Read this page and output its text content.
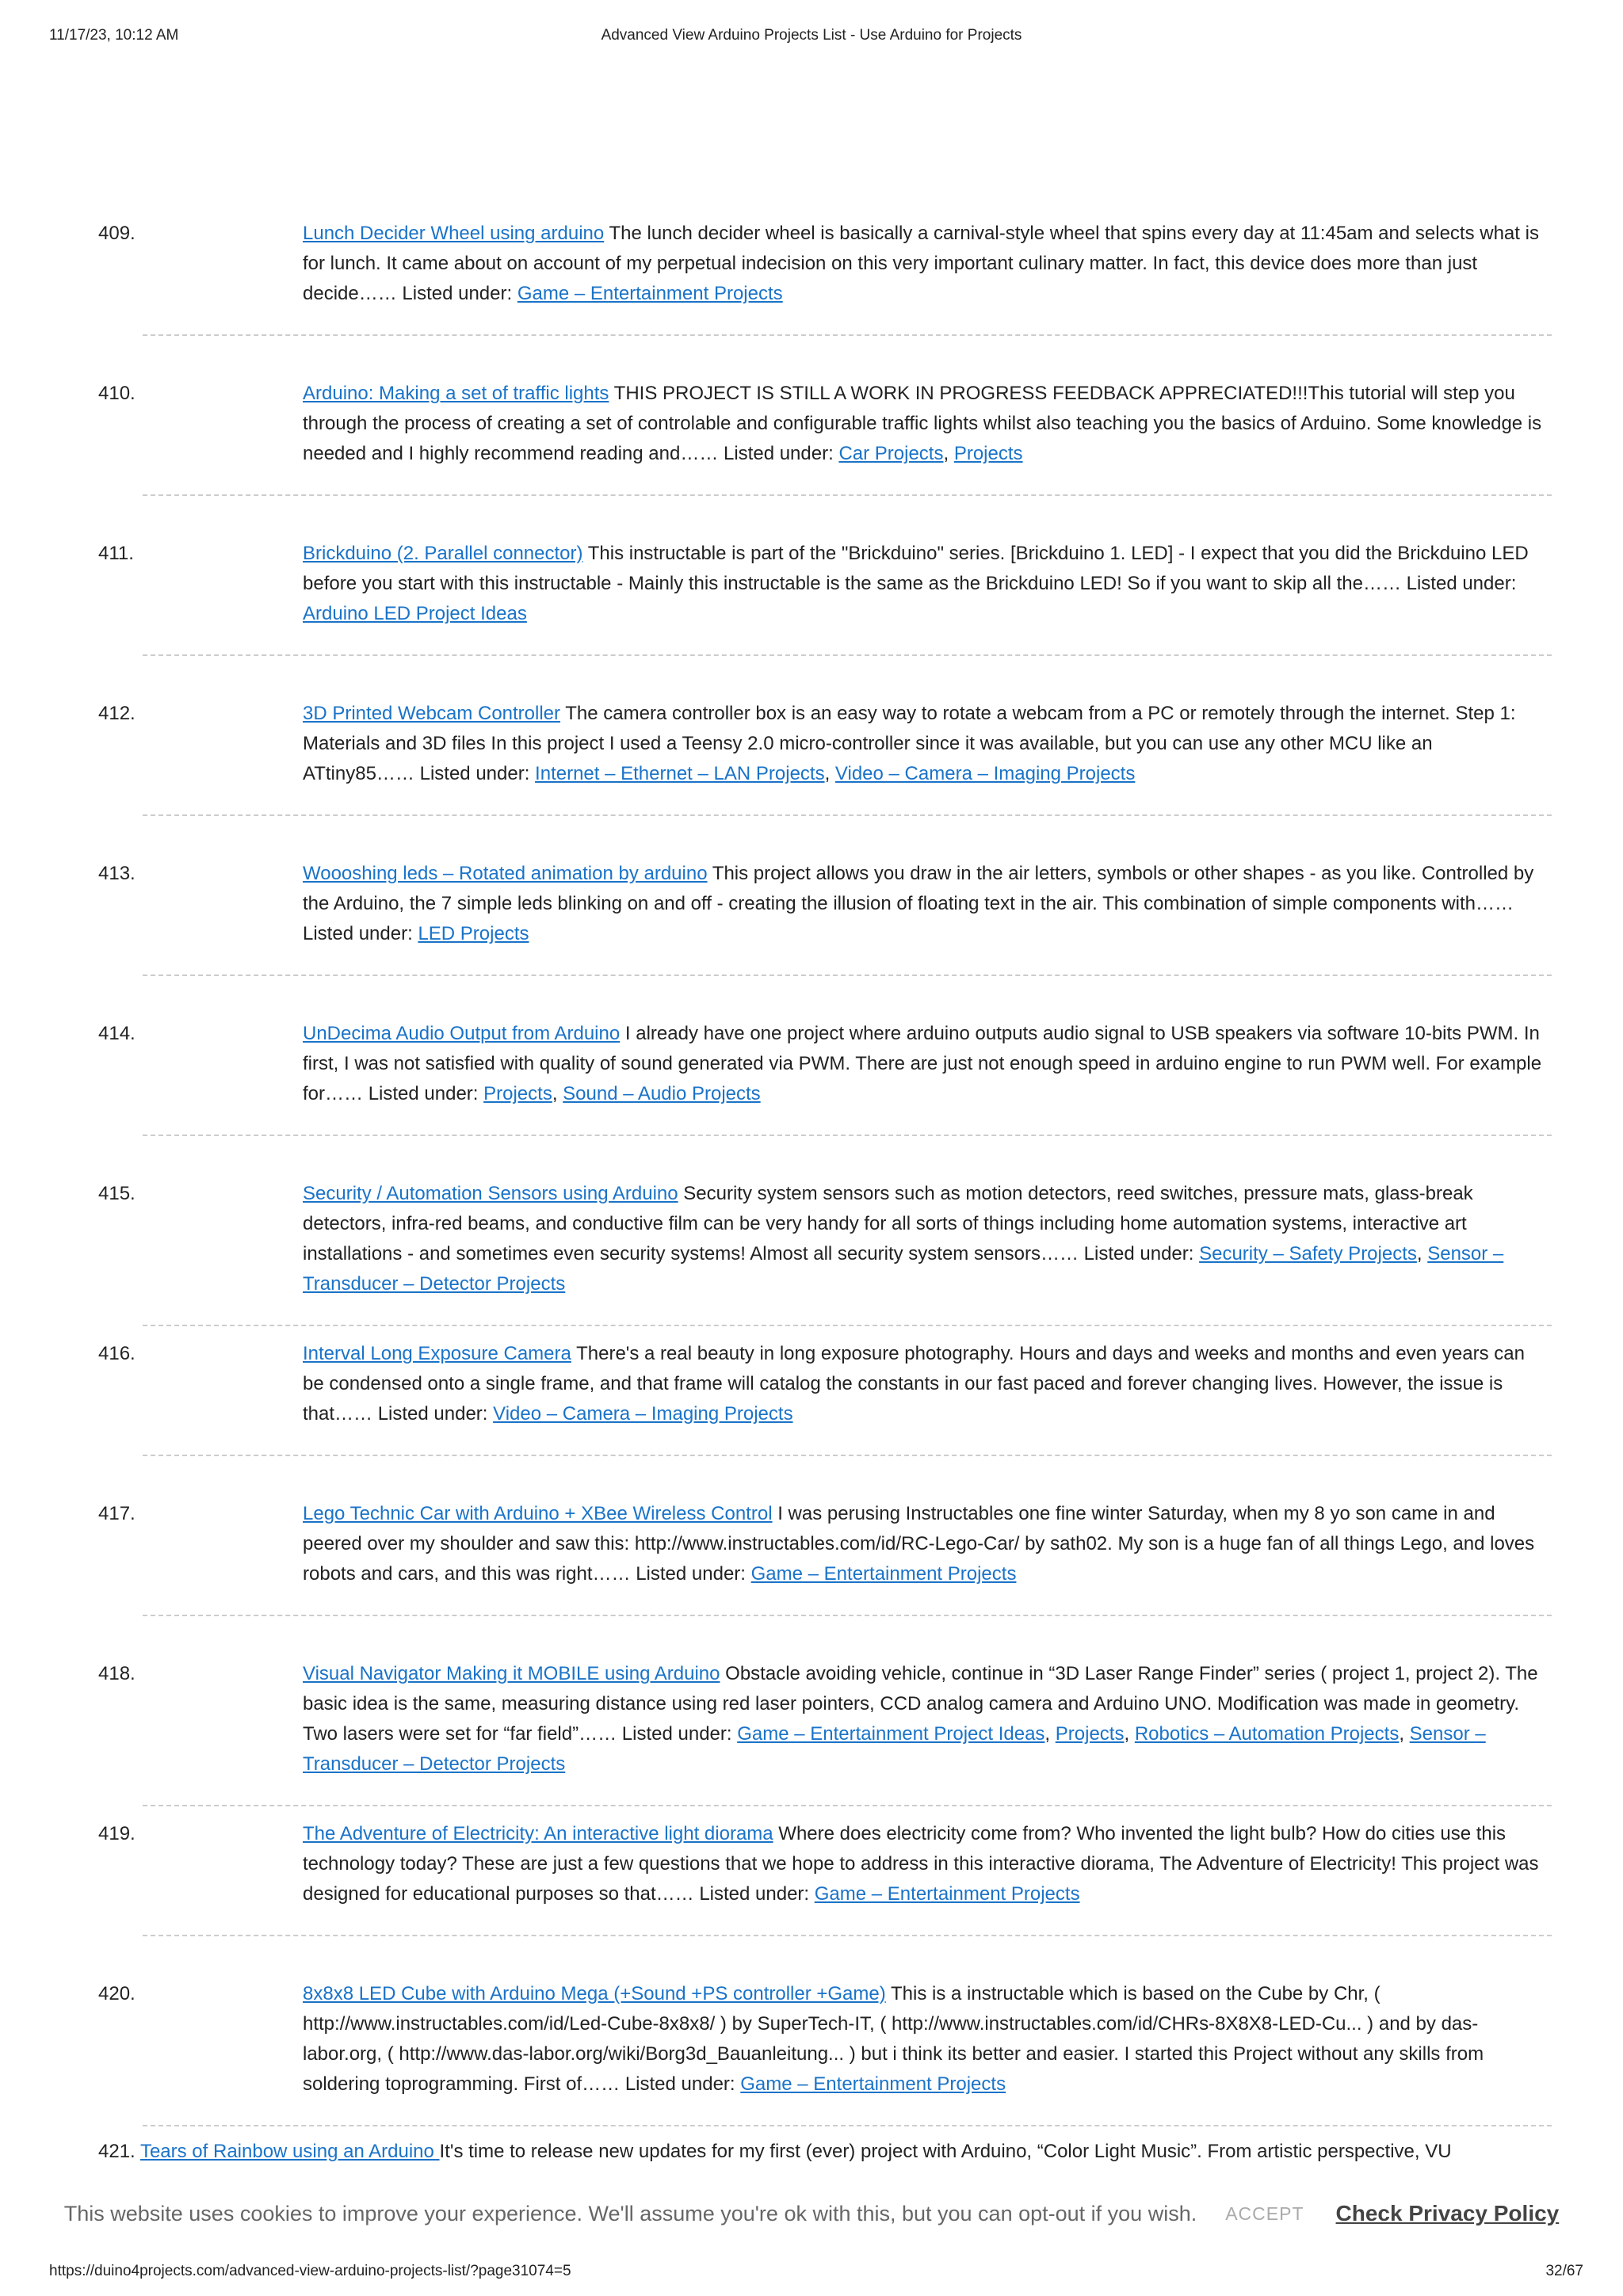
11/17/23, 10:12 AM	Advanced View Arduino Projects List - Use Arduino for Projects
409.	Lunch Decider Wheel using arduino The lunch decider wheel is basically a carnival-style wheel that spins every day at 11:45am and selects what is for lunch. It came about on account of my perpetual indecision on this very important culinary matter. In fact, this device does more than just decide…… Listed under: Game – Entertainment Projects
410.	Arduino: Making a set of traffic lights THIS PROJECT IS STILL A WORK IN PROGRESS FEEDBACK APPRECIATED!!!This tutorial will step you through the process of creating a set of controlable and configurable traffic lights whilst also teaching you the basics of Arduino. Some knowledge is needed and I highly recommend reading and…… Listed under: Car Projects, Projects
411.	Brickduino (2. Parallel connector) This instructable is part of the "Brickduino" series. [Brickduino 1. LED] - I expect that you did the Brickduino LED before you start with this instructable - Mainly this instructable is the same as the Brickduino LED! So if you want to skip all the…… Listed under: Arduino LED Project Ideas
412.	3D Printed Webcam Controller The camera controller box is an easy way to rotate a webcam from a PC or remotely through the internet. Step 1: Materials and 3D files In this project I used a Teensy 2.0 micro-controller since it was available, but you can use any other MCU like an ATtiny85…… Listed under: Internet – Ethernet – LAN Projects, Video – Camera – Imaging Projects
413.	Woooshing leds – Rotated animation by arduino This project allows you draw in the air letters, symbols or other shapes - as you like. Controlled by the Arduino, the 7 simple leds blinking on and off - creating the illusion of floating text in the air. This combination of simple components with…… Listed under: LED Projects
414.	UnDecima Audio Output from Arduino I already have one project where arduino outputs audio signal to USB speakers via software 10-bits PWM. In first, I was not satisfied with quality of sound generated via PWM. There are just not enough speed in arduino engine to run PWM well. For example for…… Listed under: Projects, Sound – Audio Projects
415.	Security / Automation Sensors using Arduino Security system sensors such as motion detectors, reed switches, pressure mats, glass-break detectors, infra-red beams, and conductive film can be very handy for all sorts of things including home automation systems, interactive art installations - and sometimes even security systems! Almost all security system sensors…… Listed under: Security – Safety Projects, Sensor – Transducer – Detector Projects
416.	Interval Long Exposure Camera There's a real beauty in long exposure photography. Hours and days and weeks and months and even years can be condensed onto a single frame, and that frame will catalog the constants in our fast paced and forever changing lives. However, the issue is that…… Listed under: Video – Camera – Imaging Projects
417.	Lego Technic Car with Arduino + XBee Wireless Control I was perusing Instructables one fine winter Saturday, when my 8 yo son came in and peered over my shoulder and saw this: http://www.instructables.com/id/RC-Lego-Car/ by sath02. My son is a huge fan of all things Lego, and loves robots and cars, and this was right…… Listed under: Game – Entertainment Projects
418.	Visual Navigator Making it MOBILE using Arduino Obstacle avoiding vehicle, continue in “3D Laser Range Finder” series ( project 1, project 2). The basic idea is the same, measuring distance using red laser pointers, CCD analog camera and Arduino UNO. Modification was made in geometry. Two lasers were set for “far field”…… Listed under: Game – Entertainment Project Ideas, Projects, Robotics – Automation Projects, Sensor – Transducer – Detector Projects
419.	The Adventure of Electricity: An interactive light diorama Where does electricity come from? Who invented the light bulb? How do cities use this technology today? These are just a few questions that we hope to address in this interactive diorama, The Adventure of Electricity! This project was designed for educational purposes so that…… Listed under: Game – Entertainment Projects
420.	8x8x8 LED Cube with Arduino Mega (+Sound +PS controller +Game) This is a instructable which is based on the Cube by Chr, ( http://www.instructables.com/id/Led-Cube-8x8x8/ ) by SuperTech-IT, ( http://www.instructables.com/id/CHRs-8X8X8-LED-Cu... ) and by das-labor.org, ( http://www.das-labor.org/wiki/Borg3d_Bauanleitung... ) but i think its better and easier. I started this Project without any skills from soldering toprogramming. First of…… Listed under: Game – Entertainment Projects
421. Tears of Rainbow using an Arduino It's time to release new updates for my first (ever) project with Arduino, “Color Light Music”. From artistic perspective, VU
This website uses cookies to improve your experience. We'll assume you're ok with this, but you can opt-out if you wish. ACCEPT Check Privacy Policy
https://duino4projects.com/advanced-view-arduino-projects-list/?page31074=5	32/67
